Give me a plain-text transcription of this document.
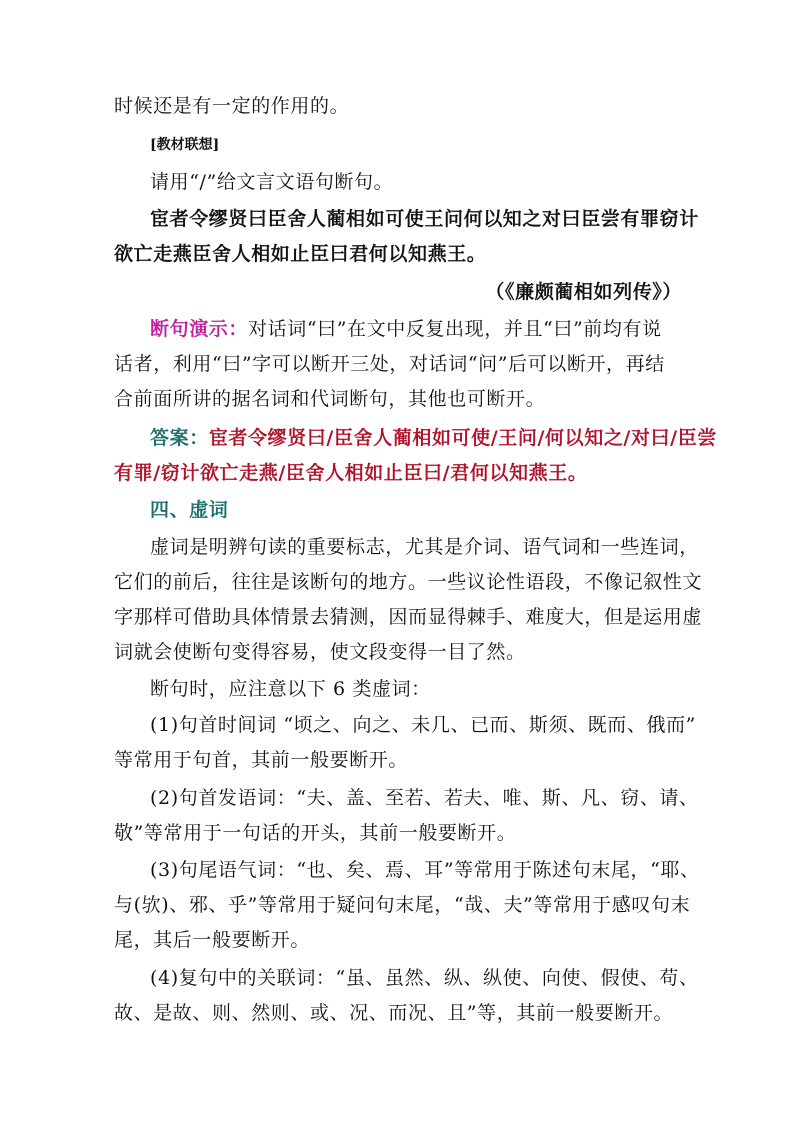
时候还是有一定的作用的。
[教材联想]
请用“/”给文言文语句断句。
宦者令缪贤曰臣舍人蔺相如可使王问何以知之对曰臣尝有罪窃计
欲亡走燕臣舍人相如止臣曰君何以知燕王。
（《廉颇蔺相如列传》）
断句演示：对话词“曰”在文中反复出现，并且“曰”前均有说
话者，利用“曰”字可以断开三处，对话词“问”后可以断开，再结
合前面所讲的据名词和代词断句，其他也可断开。
答案：宦者令缪贤曰/臣舍人蔺相如可使/王问/何以知之/对曰/臣尝
有罪/窃计欲亡走燕/臣舍人相如止臣曰/君何以知燕王。
四、虚词
虚词是明辨句读的重要标志，尤其是介词、语气词和一些连词，
它们的前后，往往是该断句的地方。一些议论性语段，不像记叙性文
字那样可借助具体情景去猜测，因而显得棘手、难度大，但是运用虚
词就会使断句变得容易，使文段变得一目了然。
断句时，应注意以下 6 类虚词：
(1)句首时间词 “顷之、向之、未几、已而、斯须、既而、俄而”
等常用于句首，其前一般要断开。
(2)句首发语词：“夫、盖、至若、若夫、唯、斯、凡、窃、请、
敬”等常用于一句话的开头，其前一般要断开。
(3)句尾语气词：“也、矣、焉、耳”等常用于陈述句末尾，“耶、
与(欤)、邪、乎”等常用于疑问句末尾，“哉、夫”等常用于感叹句末
尾，其后一般要断开。
(4)复句中的关联词：“虽、虽然、纵、纵使、向使、假使、苟、
故、是故、则、然则、或、况、而况、且”等，其前一般要断开。
